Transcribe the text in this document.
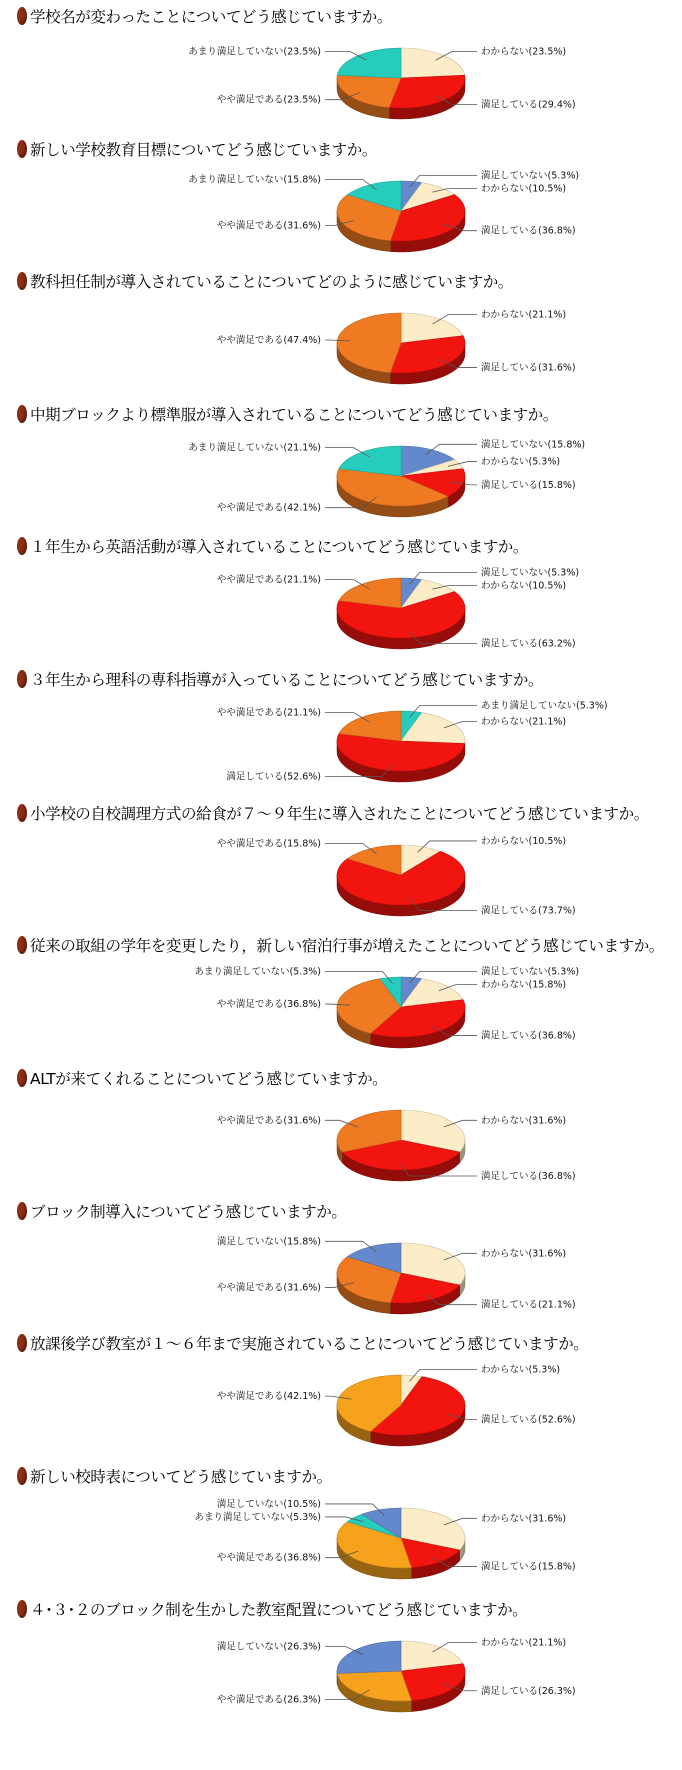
学校名が変わったことについてどう感じていますか。
わからない(23.5%)
満足している(29.4%)
あまり満足していない(23.5%)
やや満足である(23.5%)
新しい学校教育目標についてどう感じていますか。
満足していない(5.3%)
わからない(10.5%)
満足している(36.8%)
あまり満足していない(15.8%)
やや満足である(31.6%)
教科担任制が導入されていることについてどのように感じていますか。
わからない(21.1%)
満足している(31.6%)
やや満足である(47.4%)
中期ブロックより標準服が導入されていることについてどう感じていますか。
満足していない(15.8%)
わからない(5.3%)
満足している(15.8%)
あまり満足していない(21.1%)
やや満足である(42.1%)
１年生から英語活動が導入されていることについてどう感じていますか。
満足していない(5.3%)
わからない(10.5%)
満足している(63.2%)
やや満足である(21.1%)
３年生から理科の専科指導が入っていることについてどう感じていますか。
あまり満足していない(5.3%)
わからない(21.1%)
やや満足である(21.1%)
満足している(52.6%)
小学校の自校調理方式の給食が７～９年生に導入されたことについてどう感じていますか。
わからない(10.5%)
満足している(73.7%)
やや満足である(15.8%)
従来の取組の学年を変更したり，新しい宿泊行事が増えたことについてどう感じていますか。
満足していない(5.3%)
わからない(15.8%)
満足している(36.8%)
あまり満足していない(5.3%)
やや満足である(36.8%)
ALTが来てくれることについてどう感じていますか。
わからない(31.6%)
満足している(36.8%)
やや満足である(31.6%)
ブロック制導入についてどう感じていますか。
わからない(31.6%)
満足している(21.1%)
満足していない(15.8%)
やや満足である(31.6%)
放課後学び教室が１～６年まで実施されていることについてどう感じていますか。
わからない(5.3%)
満足している(52.6%)
やや満足である(42.1%)
新しい校時表についてどう感じていますか。
わからない(31.6%)
満足している(15.8%)
満足していない(10.5%)
あまり満足していない(5.3%)
やや満足である(36.8%)
４･３･２のブロック制を生かした教室配置についてどう感じていますか。
わからない(21.1%)
満足している(26.3%)
満足していない(26.3%)
やや満足である(26.3%)
